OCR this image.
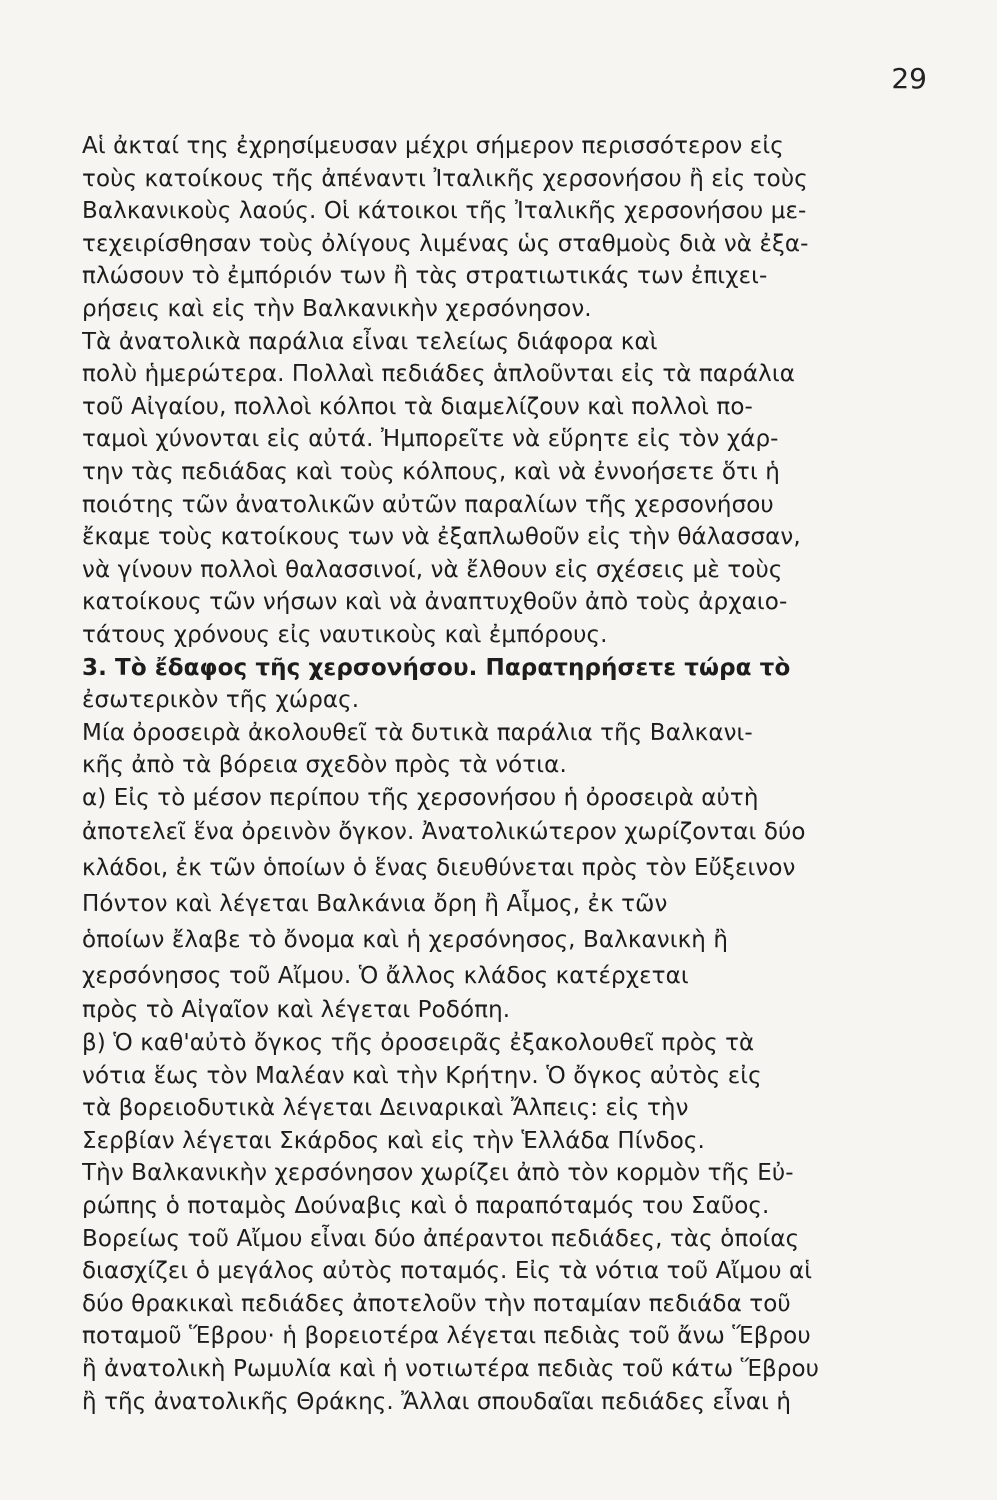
29
Αἱ ἀκταί της ἐχρησίμευσαν μέχρι σήμερον περισσότερον εἰς
τοὺς κατοίκους τῆς ἀπέναντι Ἰταλικῆς χερσονήσου ἢ εἰς τοὺς
Βαλκανικοὺς λαούς. Οἱ κάτοικοι τῆς Ἰταλικῆς χερσονήσου με-
τεχειρίσθησαν τοὺς ὀλίγους λιμένας ὡς σταθμοὺς διὰ νὰ ἐξα-
πλώσουν τὸ ἐμπόριόν των ἢ τὰς στρατιωτικάς των ἐπιχει-
ρήσεις καὶ εἰς τὴν Βαλκανικὴν χερσόνησον.
Τὰ ἀνατολικὰ παράλια εἶναι τελείως διάφορα καὶ
πολὺ ἡμερώτερα. Πολλαὶ πεδιάδες ἁπλοῦνται εἰς τὰ παράλια
τοῦ Αἰγαίου, πολλοὶ κόλποι τὰ διαμελίζουν καὶ πολλοὶ πο-
ταμοὶ χύνονται εἰς αὐτά. Ἠμπορεῖτε νὰ εὕρητε εἰς τὸν χάρ-
την τὰς πεδιάδας καὶ τοὺς κόλπους, καὶ νὰ ἐννοήσετε ὅτι ἡ
ποιότης τῶν ἀνατολικῶν αὐτῶν παραλίων τῆς χερσονήσου
ἔκαμε τοὺς κατοίκους των νὰ ἐξαπλωθοῦν εἰς τὴν θάλασσαν,
νὰ γίνουν πολλοὶ θαλασσινοί, νὰ ἔλθουν εἰς σχέσεις μὲ τοὺς
κατοίκους τῶν νήσων καὶ νὰ ἀναπτυχθοῦν ἀπὸ τοὺς ἀρχαιο-
τάτους χρόνους εἰς ναυτικοὺς καὶ ἐμπόρους.
3. Τὸ ἔδαφος τῆς χερσονήσου. Παρατηρήσετε τώρα τὸ
ἐσωτερικὸν τῆς χώρας.
Μία ὀροσειρὰ ἀκολουθεῖ τὰ δυτικὰ παράλια τῆς Βαλκανι-
κῆς ἀπὸ τὰ βόρεια σχεδὸν πρὸς τὰ νότια.
α) Εἰς τὸ μέσον περίπου τῆς χερσονήσου ἡ ὀροσειρὰ αὐτὴ
ἀποτελεῖ ἕνα ὀρεινὸν ὄγκον. Ἀνατολικώτερον χωρίζονται δύο
κλάδοι, ἐκ τῶν ὁποίων ὁ ἕνας διευθύνεται πρὸς τὸν Εὔξεινον
Πόντον καὶ λέγεται Βαλκάνια ὄρη ἢ Αἶμος, ἐκ τῶν
ὁποίων ἔλαβε τὸ ὄνομα καὶ ἡ χερσόνησος, Βαλκανικὴ ἢ
χερσόνησος τοῦ Αἴμου. Ὁ ἄλλος κλάδος κατέρχεται
πρὸς τὸ Αἰγαῖον καὶ λέγεται Ροδόπη.
β) Ὁ καθ'αὐτὸ ὄγκος τῆς ὀροσειρᾶς ἐξακολουθεῖ πρὸς τὰ
νότια ἕως τὸν Μαλέαν καὶ τὴν Κρήτην. Ὁ ὄγκος αὐτὸς εἰς
τὰ βορειοδυτικὰ λέγεται Δειναρικαὶ Ἄλπεις: εἰς τὴν
Σερβίαν λέγεται Σκάρδος καὶ εἰς τὴν Ἑλλάδα Πίνδος.
Τὴν Βαλκανικὴν χερσόνησον χωρίζει ἀπὸ τὸν κορμὸν τῆς Εὐ-
ρώπης ὁ ποταμὸς Δούναβις καὶ ὁ παραπόταμός του Σαῦος.
Βορείως τοῦ Αἴμου εἶναι δύο ἀπέραντοι πεδιάδες, τὰς ὁποίας
διασχίζει ὁ μεγάλος αὐτὸς ποταμός. Εἰς τὰ νότια τοῦ Αἴμου αἱ
δύο θρακικαὶ πεδιάδες ἀποτελοῦν τὴν ποταμίαν πεδιάδα τοῦ
ποταμοῦ Ἕβρου· ἡ βορειοτέρα λέγεται πεδιὰς τοῦ ἄνω Ἕβρου
ἢ ἀνατολικὴ Ρωμυλία καὶ ἡ νοτιωτέρα πεδιὰς τοῦ κάτω Ἕβρου
ἢ τῆς ἀνατολικῆς Θράκης. Ἄλλαι σπουδαῖαι πεδιάδες εἶναι ἡ
